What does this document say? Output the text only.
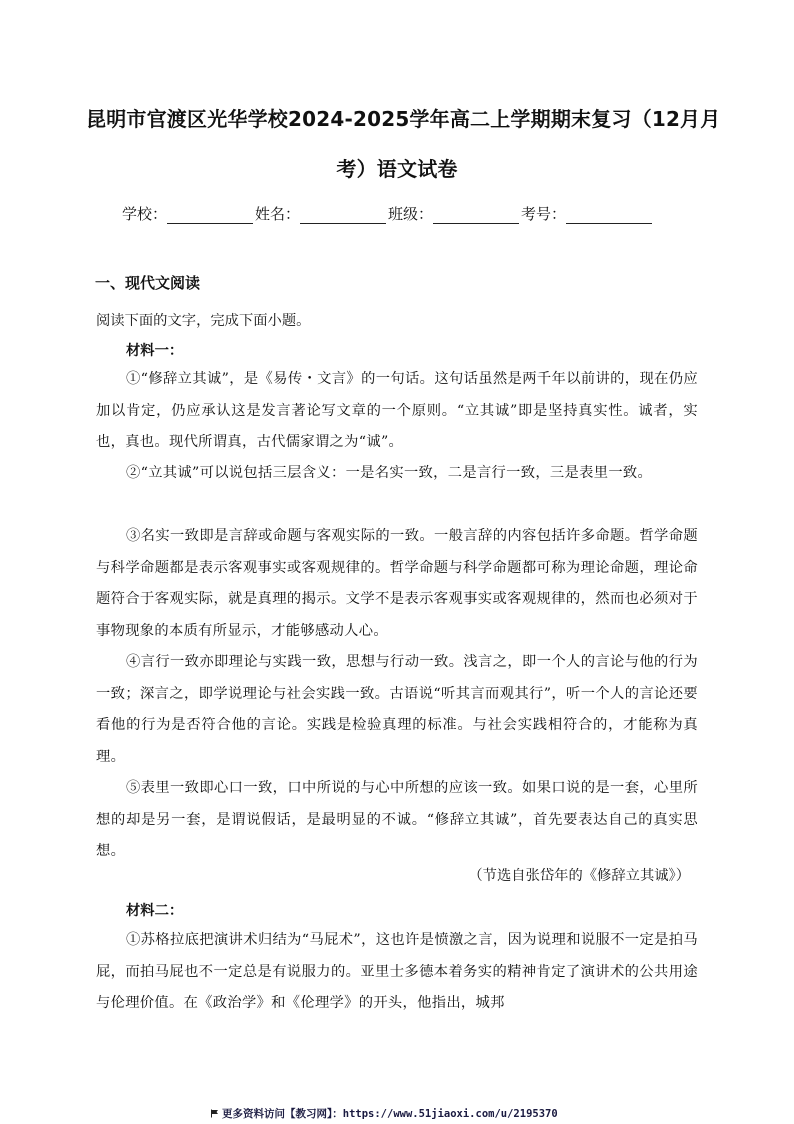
昆明市官渡区光华学校2024-2025学年高二上学期期末复习（12月月
考）语文试卷
学校：	姓名：	班级：	考号：
一、现代文阅读
阅读下面的文字，完成下面小题。
材料一：
①“修辞立其诚”，是《易传・文言》的一句话。这句话虽然是两千年以前讲的，现在仍应加以肯定，仍应承认这是发言著论写文章的一个原则。“立其诚”即是坚持真实性。诚者，实也，真也。现代所谓真，古代儒家谓之为“诚”。
②“立其诚”可以说包括三层含义：一是名实一致，二是言行一致，三是表里一致。
③名实一致即是言辞或命题与客观实际的一致。一般言辞的内容包括许多命题。哲学命题与科学命题都是表示客观事实或客观规律的。哲学命题与科学命题都可称为理论命题，理论命题符合于客观实际，就是真理的揭示。文学不是表示客观事实或客观规律的，然而也必须对于事物现象的本质有所显示，才能够感动人心。
④言行一致亦即理论与实践一致，思想与行动一致。浅言之，即一个人的言论与他的行为一致；深言之，即学说理论与社会实践一致。古语说“听其言而观其行”，听一个人的言论还要看他的行为是否符合他的言论。实践是检验真理的标准。与社会实践相符合的，才能称为真理。
⑤表里一致即心口一致，口中所说的与心中所想的应该一致。如果口说的是一套，心里所想的却是另一套，是谓说假话，是最明显的不诚。“修辞立其诚”，首先要表达自己的真实思想。
（节选自张岱年的《修辞立其诚》）
材料二：
①苏格拉底把演讲术归结为“马屁术”，这也许是愤激之言，因为说理和说服不一定是拍马屁，而拍马屁也不一定总是有说服力的。亚里士多德本着务实的精神肯定了演讲术的公共用途与伦理价值。在《政治学》和《伦理学》的开头，他指出，城邦
更多资料访问【教习网】：https://www.51jiaoxi.com/u/2195370
